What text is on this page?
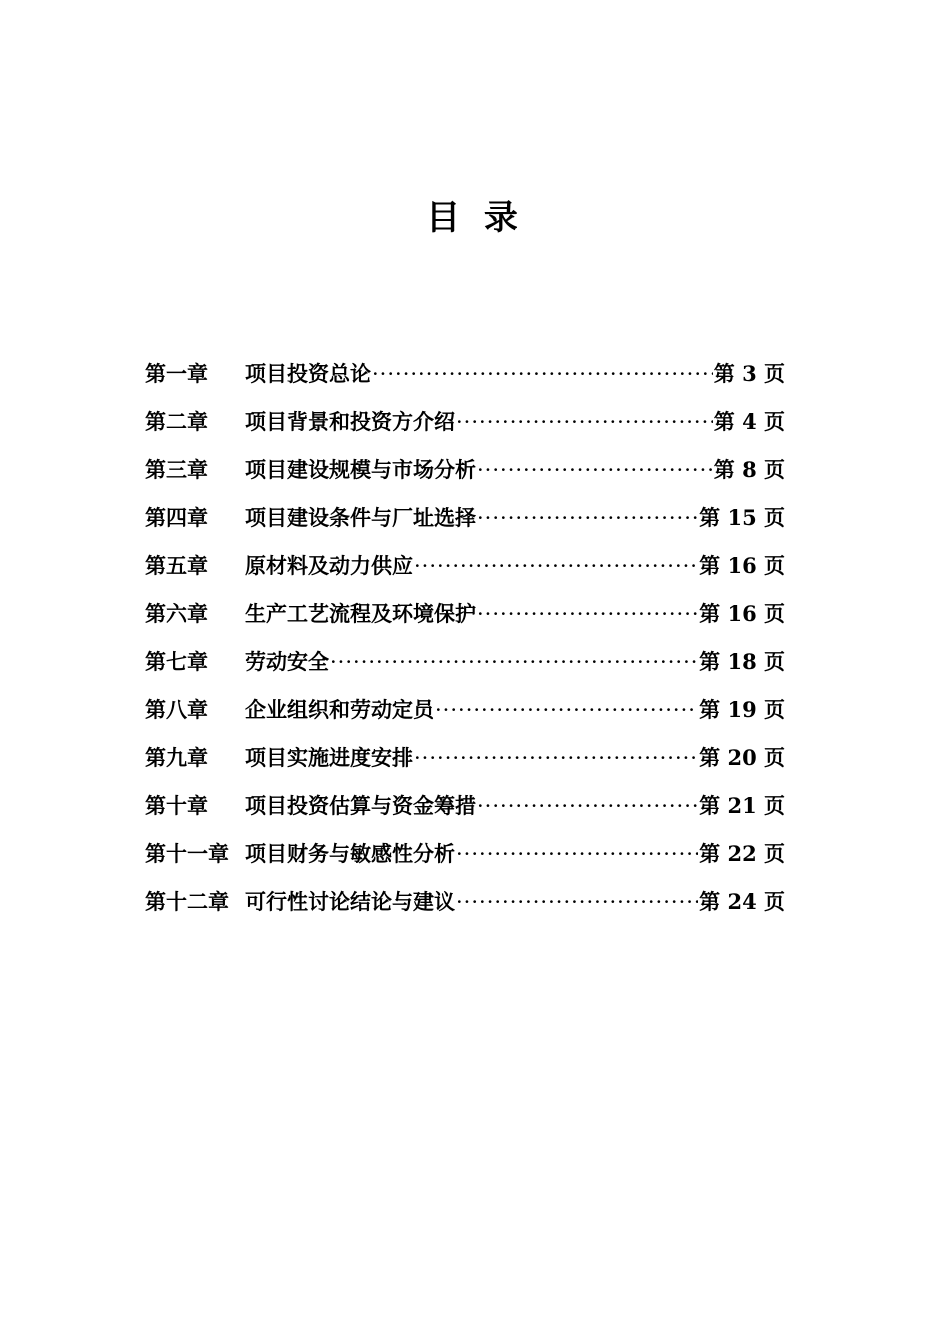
目 录
第一章	项目投资总论 ·····	第 3 页
第二章	项目背景和投资方介绍 ·····	第 4 页
第三章	项目建设规模与市场分析 ·····	第 8 页
第四章	项目建设条件与厂址选择 ·····	第 15 页
第五章	原材料及动力供应 ·····	第 16 页
第六章	生产工艺流程及环境保护 ·····	第 16 页
第七章	劳动安全 ·····	第 18 页
第八章	企业组织和劳动定员 ·····	第 19 页
第九章	项目实施进度安排 ·····	第 20 页
第十章	项目投资估算与资金筹措 ·····	第 21 页
第十一章 项目财务与敏感性分析 ·····	第 22 页
第十二章 可行性讨论结论与建议 ·····	第 24 页
